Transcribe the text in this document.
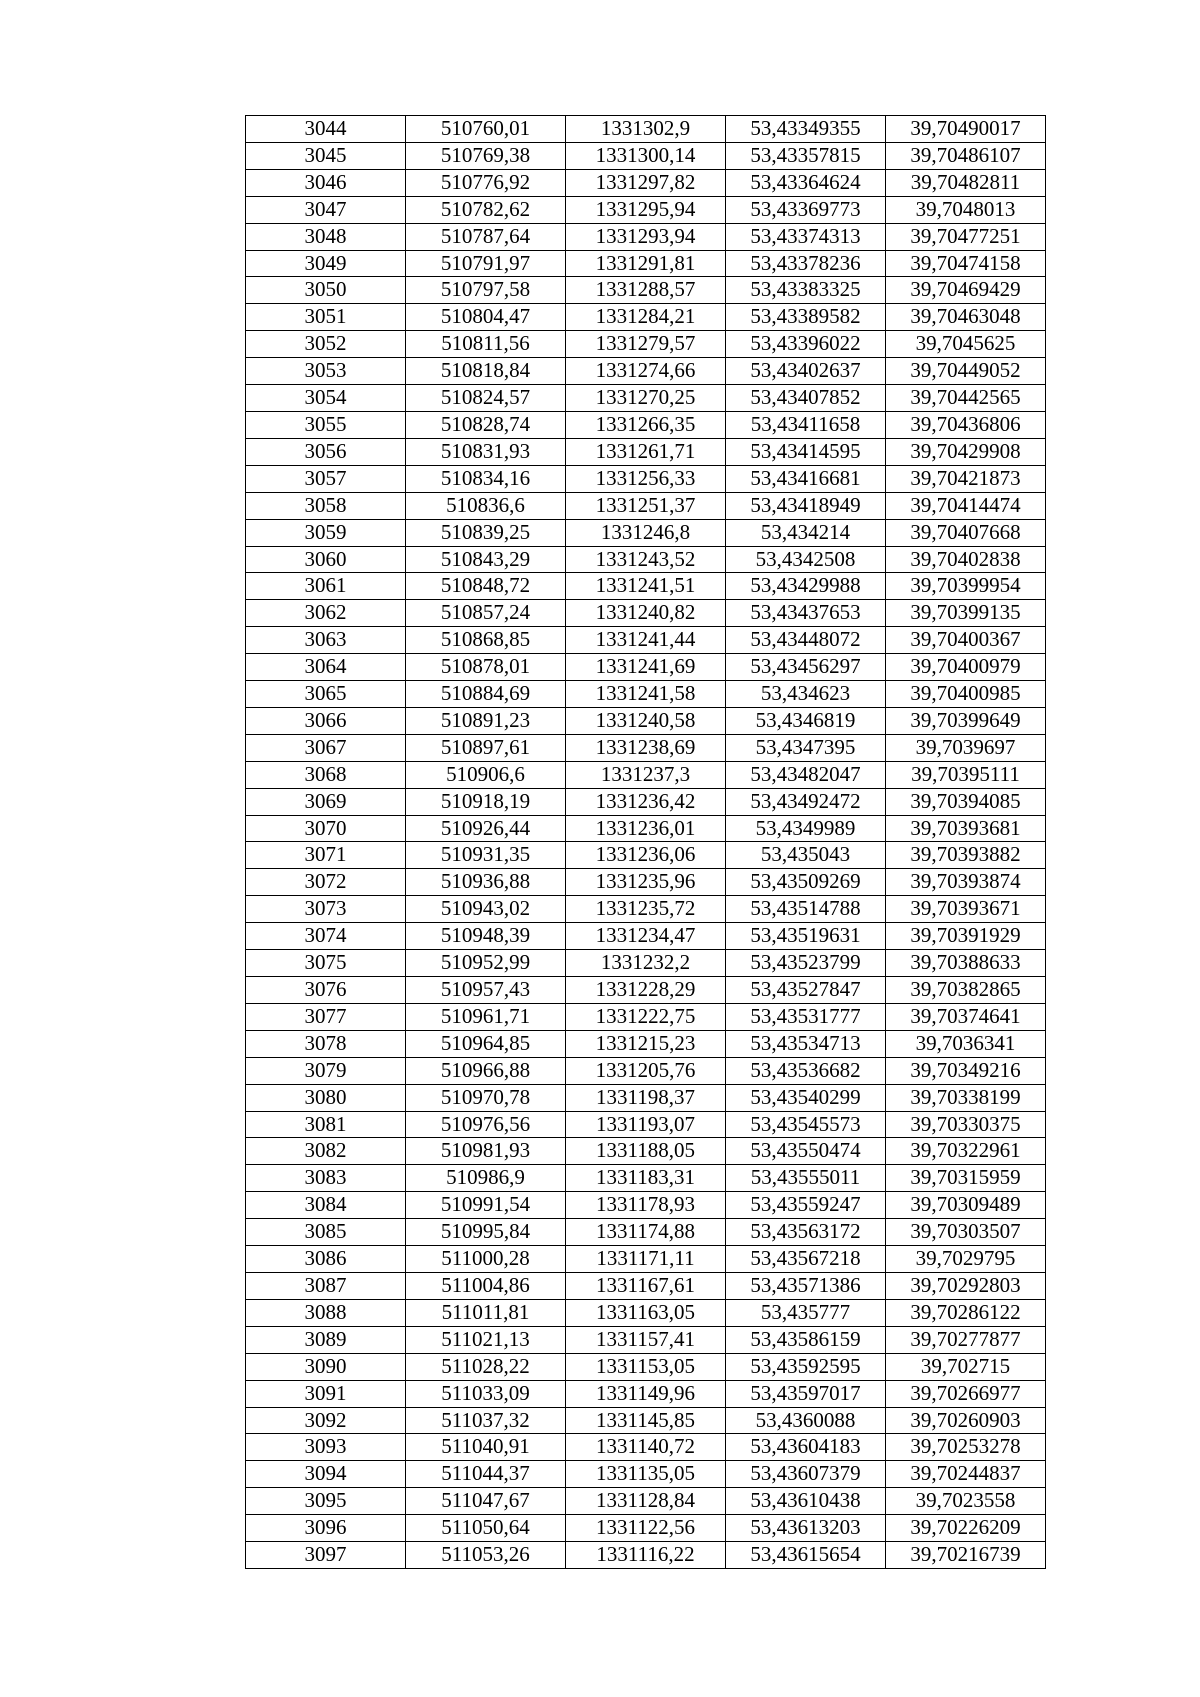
3044	510760,01	1331302,9	53,43349355	39,70490017
3045	510769,38	1331300,14	53,43357815	39,70486107
3046	510776,92	1331297,82	53,43364624	39,70482811
3047	510782,62	1331295,94	53,43369773	39,7048013
3048	510787,64	1331293,94	53,43374313	39,70477251
3049	510791,97	1331291,81	53,43378236	39,70474158
3050	510797,58	1331288,57	53,43383325	39,70469429
3051	510804,47	1331284,21	53,43389582	39,70463048
3052	510811,56	1331279,57	53,43396022	39,7045625
3053	510818,84	1331274,66	53,43402637	39,70449052
3054	510824,57	1331270,25	53,43407852	39,70442565
3055	510828,74	1331266,35	53,43411658	39,70436806
3056	510831,93	1331261,71	53,43414595	39,70429908
3057	510834,16	1331256,33	53,43416681	39,70421873
3058	510836,6	1331251,37	53,43418949	39,70414474
3059	510839,25	1331246,8	53,434214	39,70407668
3060	510843,29	1331243,52	53,4342508	39,70402838
3061	510848,72	1331241,51	53,43429988	39,70399954
3062	510857,24	1331240,82	53,43437653	39,70399135
3063	510868,85	1331241,44	53,43448072	39,70400367
3064	510878,01	1331241,69	53,43456297	39,70400979
3065	510884,69	1331241,58	53,434623	39,70400985
3066	510891,23	1331240,58	53,4346819	39,70399649
3067	510897,61	1331238,69	53,4347395	39,7039697
3068	510906,6	1331237,3	53,43482047	39,70395111
3069	510918,19	1331236,42	53,43492472	39,70394085
3070	510926,44	1331236,01	53,4349989	39,70393681
3071	510931,35	1331236,06	53,435043	39,70393882
3072	510936,88	1331235,96	53,43509269	39,70393874
3073	510943,02	1331235,72	53,43514788	39,70393671
3074	510948,39	1331234,47	53,43519631	39,70391929
3075	510952,99	1331232,2	53,43523799	39,70388633
3076	510957,43	1331228,29	53,43527847	39,70382865
3077	510961,71	1331222,75	53,43531777	39,70374641
3078	510964,85	1331215,23	53,43534713	39,7036341
3079	510966,88	1331205,76	53,43536682	39,70349216
3080	510970,78	1331198,37	53,43540299	39,70338199
3081	510976,56	1331193,07	53,43545573	39,70330375
3082	510981,93	1331188,05	53,43550474	39,70322961
3083	510986,9	1331183,31	53,43555011	39,70315959
3084	510991,54	1331178,93	53,43559247	39,70309489
3085	510995,84	1331174,88	53,43563172	39,70303507
3086	511000,28	1331171,11	53,43567218	39,7029795
3087	511004,86	1331167,61	53,43571386	39,70292803
3088	511011,81	1331163,05	53,435777	39,70286122
3089	511021,13	1331157,41	53,43586159	39,70277877
3090	511028,22	1331153,05	53,43592595	39,702715
3091	511033,09	1331149,96	53,43597017	39,70266977
3092	511037,32	1331145,85	53,4360088	39,70260903
3093	511040,91	1331140,72	53,43604183	39,70253278
3094	511044,37	1331135,05	53,43607379	39,70244837
3095	511047,67	1331128,84	53,43610438	39,7023558
3096	511050,64	1331122,56	53,43613203	39,70226209
3097	511053,26	1331116,22	53,43615654	39,70216739
